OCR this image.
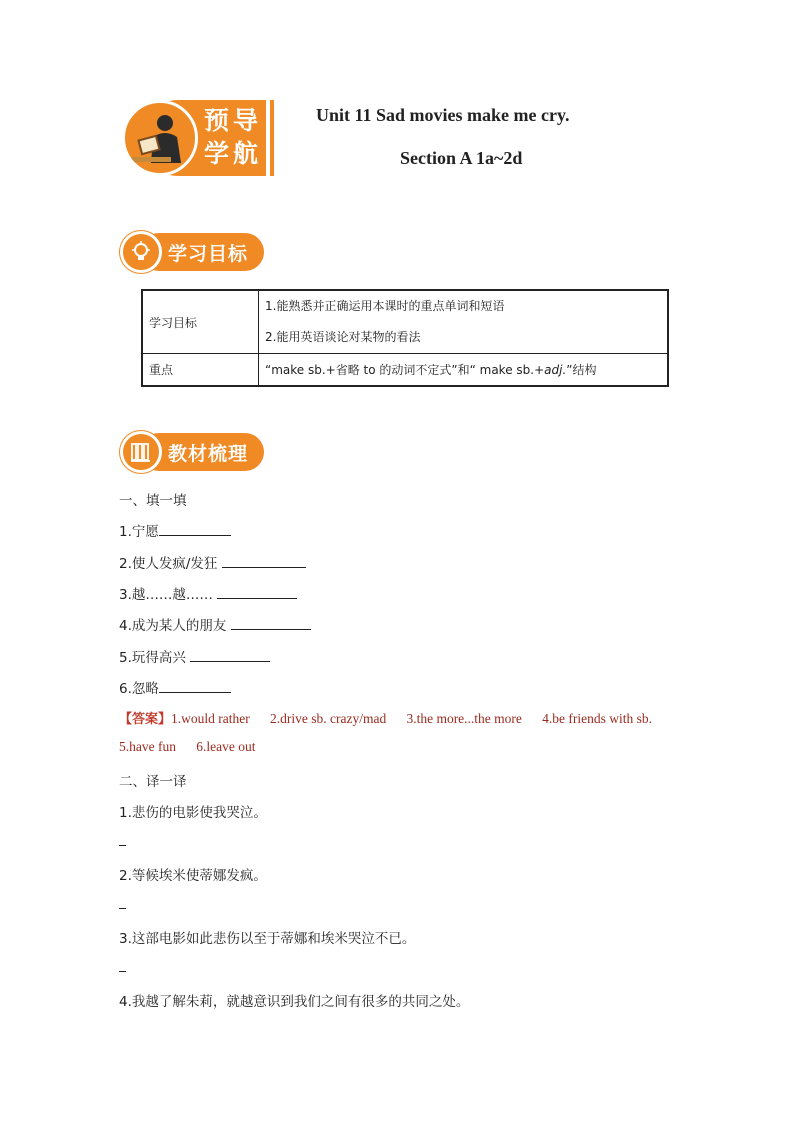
预导学航
Unit 11 Sad movies make me cry.
Section A 1a~2d
学习目标
学习目标	1.能熟悉并正确运用本课时的重点单词和短语
2.能用英语谈论对某物的看法

重点	“make sb.+省略 to 的动词不定式”和“ make sb.+adj.”结构
教材梳理
一、填一填
1.宁愿
2.使人发疯/发狂
3.越……越……
4.成为某人的朋友
5.玩得高兴
6.忽略
【答案】1.would rather      2.drive sb. crazy/mad      3.the more...the more      4.be friends with sb.
5.have fun      6.leave out
二、译一译
1.悲伤的电影使我哭泣。
2.等候埃米使蒂娜发疯。
3.这部电影如此悲伤以至于蒂娜和埃米哭泣不已。
4.我越了解朱莉，就越意识到我们之间有很多的共同之处。
